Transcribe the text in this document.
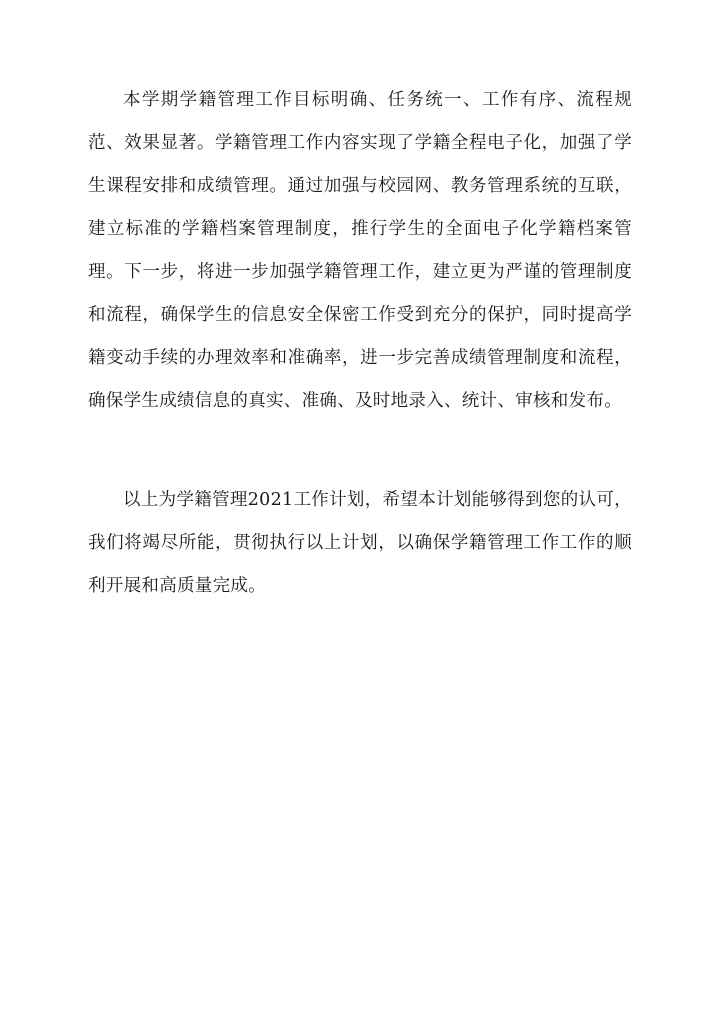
本学期学籍管理工作目标明确、任务统一、工作有序、流程规范、效果显著。学籍管理工作内容实现了学籍全程电子化，加强了学生课程安排和成绩管理。通过加强与校园网、教务管理系统的互联，建立标准的学籍档案管理制度，推行学生的全面电子化学籍档案管理。下一步，将进一步加强学籍管理工作，建立更为严谨的管理制度和流程，确保学生的信息安全保密工作受到充分的保护，同时提高学籍变动手续的办理效率和准确率，进一步完善成绩管理制度和流程，确保学生成绩信息的真实、准确、及时地录入、统计、审核和发布。

以上为学籍管理2021工作计划，希望本计划能够得到您的认可，我们将竭尽所能，贯彻执行以上计划，以确保学籍管理工作工作的顺利开展和高质量完成。
